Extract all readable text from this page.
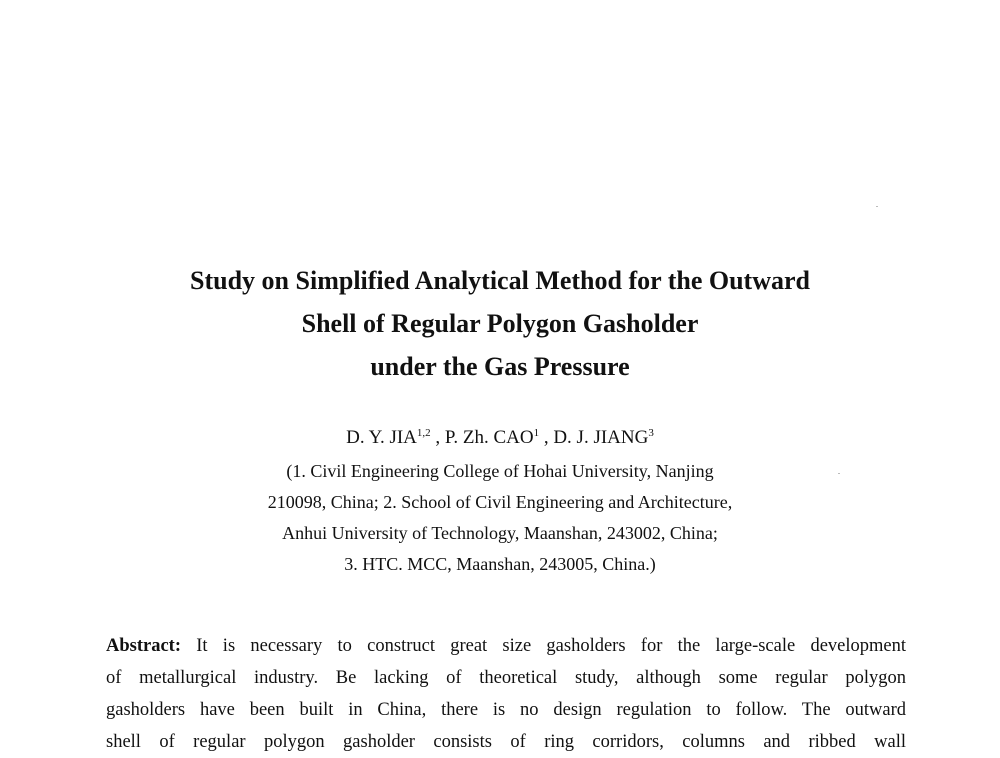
Study on Simplified Analytical Method for the Outward
Shell of Regular Polygon Gasholder
under the Gas Pressure
D. Y. JIA$^{1,2}$ , P. Zh. CAO$^1$ , D. J. JIANG$^3$
(1. Civil Engineering College of Hohai University, Nanjing
210098, China; 2. School of Civil Engineering and Architecture,
Anhui University of Technology, Maanshan, 243002, China;
3. HTC. MCC, Maanshan, 243005, China.)
Abstract: It is necessary to construct great size gasholders for the large-scale development
of metallurgical industry. Be lacking of theoretical study, although some regular polygon
gasholders have been built in China, there is no design regulation to follow. The outward
shell of regular polygon gasholder consists of ring corridors, columns and ribbed wall
